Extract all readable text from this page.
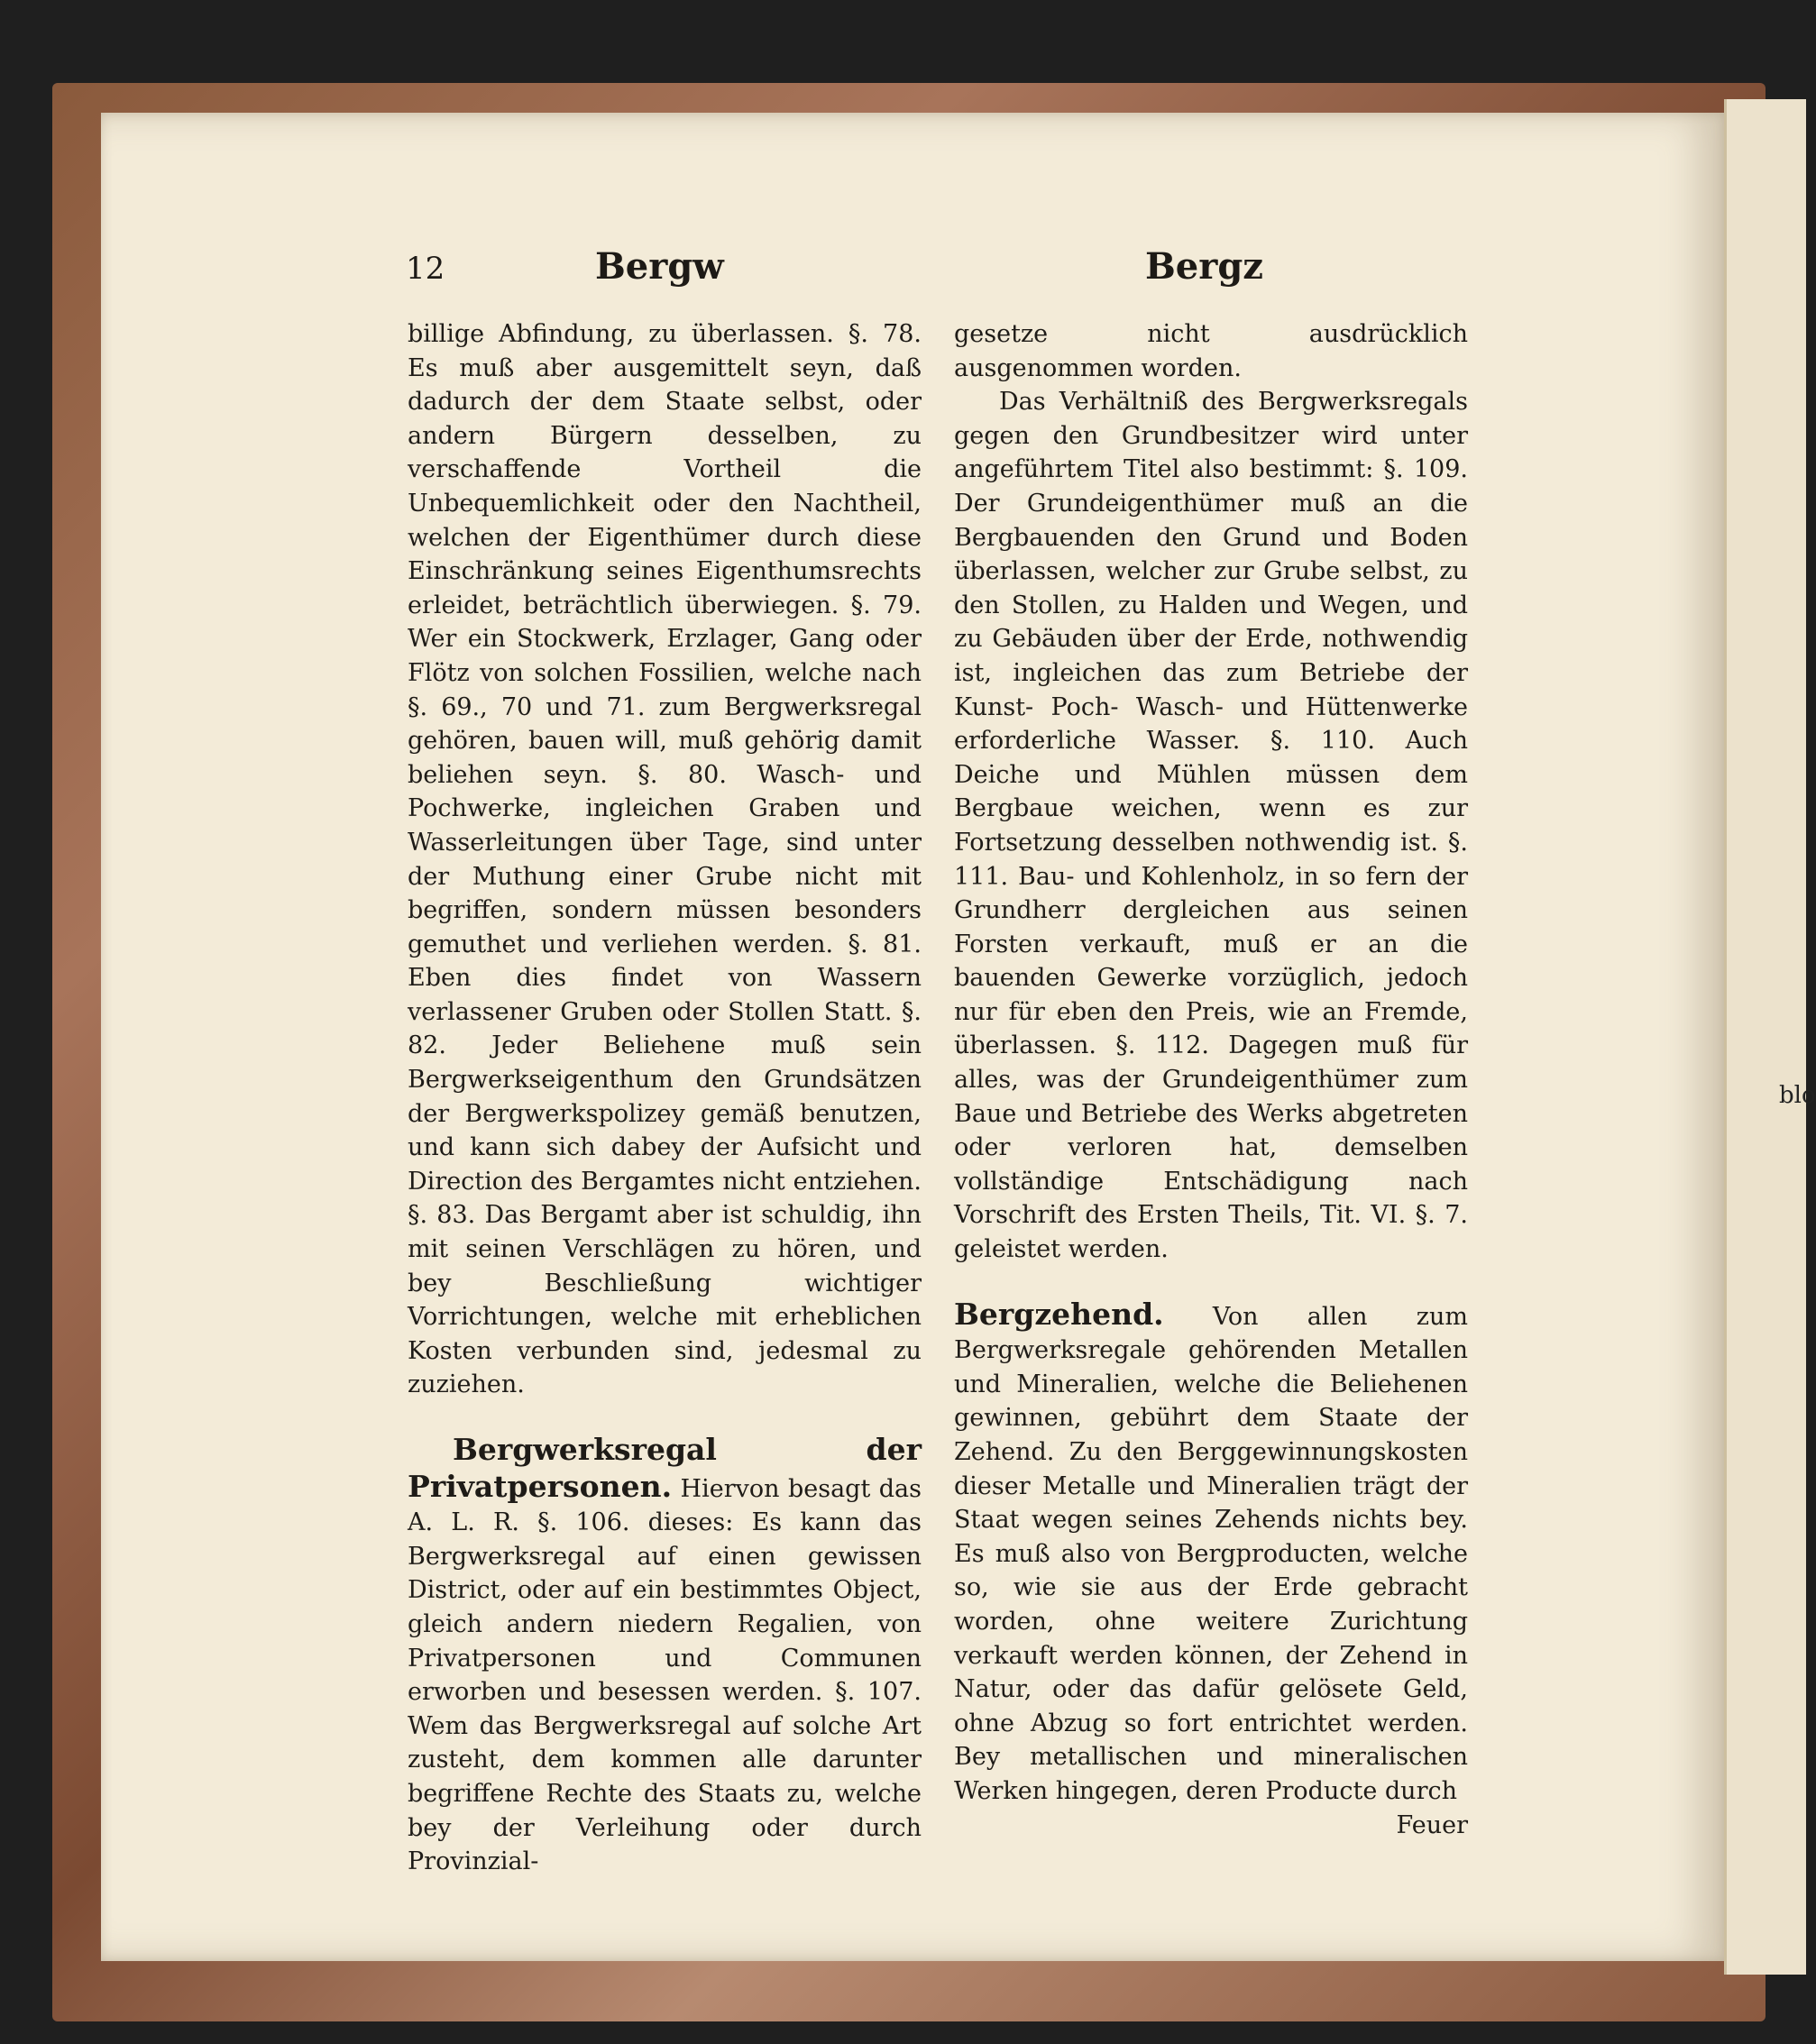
blo
12	Bergw	Bergz

billige Abfindung, zu überlassen. §. 78. Es muß aber ausgemittelt seyn, daß dadurch der dem Staate selbst, oder andern Bürgern desselben, zu verschaffende Vortheil die Unbequemlichkeit oder den Nachtheil, welchen der Eigenthümer durch diese Einschränkung seines Eigenthumsrechts erleidet, beträchtlich überwiegen. §. 79. Wer ein Stockwerk, Erzlager, Gang oder Flötz von solchen Fossilien, welche nach §. 69., 70 und 71. zum Bergwerksregal gehören, bauen will, muß gehörig damit beliehen seyn. §. 80. Wasch- und Pochwerke, ingleichen Graben und Wasserleitungen über Tage, sind unter der Muthung einer Grube nicht mit begriffen, sondern müssen besonders gemuthet und verliehen werden. §. 81. Eben dies findet von Wassern verlassener Gruben oder Stollen Statt. §. 82. Jeder Beliehene muß sein Bergwerkseigenthum den Grundsätzen der Bergwerkspolizey gemäß benutzen, und kann sich dabey der Aufsicht und Direction des Bergamtes nicht entziehen. §. 83. Das Bergamt aber ist schuldig, ihn mit seinen Verschlägen zu hören, und bey Beschließung wichtiger Vorrichtungen, welche mit erheblichen Kosten verbunden sind, jedesmal zu zuziehen.

Bergwerksregal der Privatpersonen. Hiervon besagt das A. L. R. §. 106. dieses: Es kann das Bergwerksregal auf einen gewissen District, oder auf ein bestimmtes Object, gleich andern niedern Regalien, von Privatpersonen und Communen erworben und besessen werden. §. 107. Wem das Bergwerksregal auf solche Art zusteht, dem kommen alle darunter begriffene Rechte des Staats zu, welche bey der Verleihung oder durch Provinzial-

gesetze nicht ausdrücklich ausgenommen worden.

Das Verhältniß des Bergwerksregals gegen den Grundbesitzer wird unter angeführtem Titel also bestimmt: §. 109. Der Grundeigenthümer muß an die Bergbauenden den Grund und Boden überlassen, welcher zur Grube selbst, zu den Stollen, zu Halden und Wegen, und zu Gebäuden über der Erde, nothwendig ist, ingleichen das zum Betriebe der Kunst- Poch- Wasch- und Hüttenwerke erforderliche Wasser. §. 110. Auch Deiche und Mühlen müssen dem Bergbaue weichen, wenn es zur Fortsetzung desselben nothwendig ist. §. 111. Bau- und Kohlenholz, in so fern der Grundherr dergleichen aus seinen Forsten verkauft, muß er an die bauenden Gewerke vorzüglich, jedoch nur für eben den Preis, wie an Fremde, überlassen. §. 112. Dagegen muß für alles, was der Grundeigenthümer zum Baue und Betriebe des Werks abgetreten oder verloren hat, demselben vollständige Entschädigung nach Vorschrift des Ersten Theils, Tit. VI. §. 7. geleistet werden.

Bergzehend. Von allen zum Bergwerksregale gehörenden Metallen und Mineralien, welche die Beliehenen gewinnen, gebührt dem Staate der Zehend. Zu den Berggewinnungskosten dieser Metalle und Mineralien trägt der Staat wegen seines Zehends nichts bey. Es muß also von Bergproducten, welche so, wie sie aus der Erde gebracht worden, ohne weitere Zurichtung verkauft werden können, der Zehend in Natur, oder das dafür gelösete Geld, ohne Abzug so fort entrichtet werden. Bey metallischen und mineralischen Werken hingegen, deren Producte durch

Feuer
